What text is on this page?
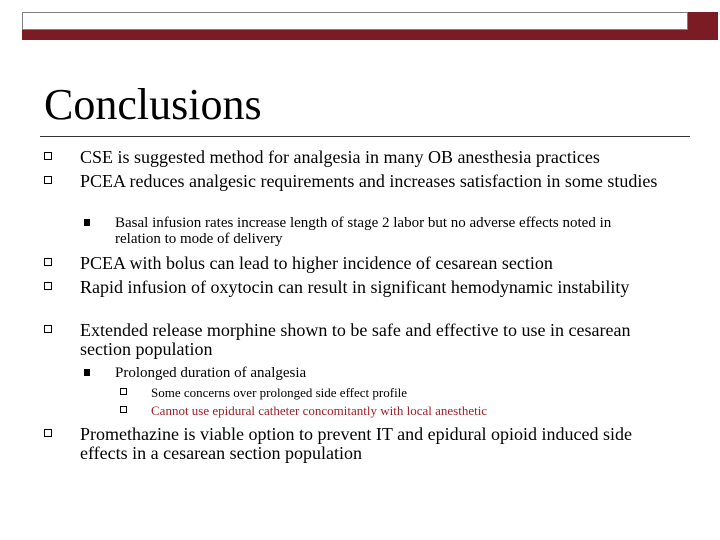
Conclusions
CSE is suggested method for analgesia in many OB anesthesia practices
PCEA reduces analgesic requirements and increases satisfaction in some studies
Basal infusion rates increase length of stage 2 labor but no adverse effects noted in relation to mode of delivery
PCEA with bolus can lead to higher incidence of cesarean section
Rapid infusion of oxytocin can result in significant hemodynamic instability
Extended release morphine shown to be safe and effective to use in cesarean section population
Prolonged duration of analgesia
Some concerns over prolonged side effect profile
Cannot use epidural catheter concomitantly with local anesthetic
Promethazine is viable option to prevent IT and epidural opioid induced side effects in a cesarean section population
